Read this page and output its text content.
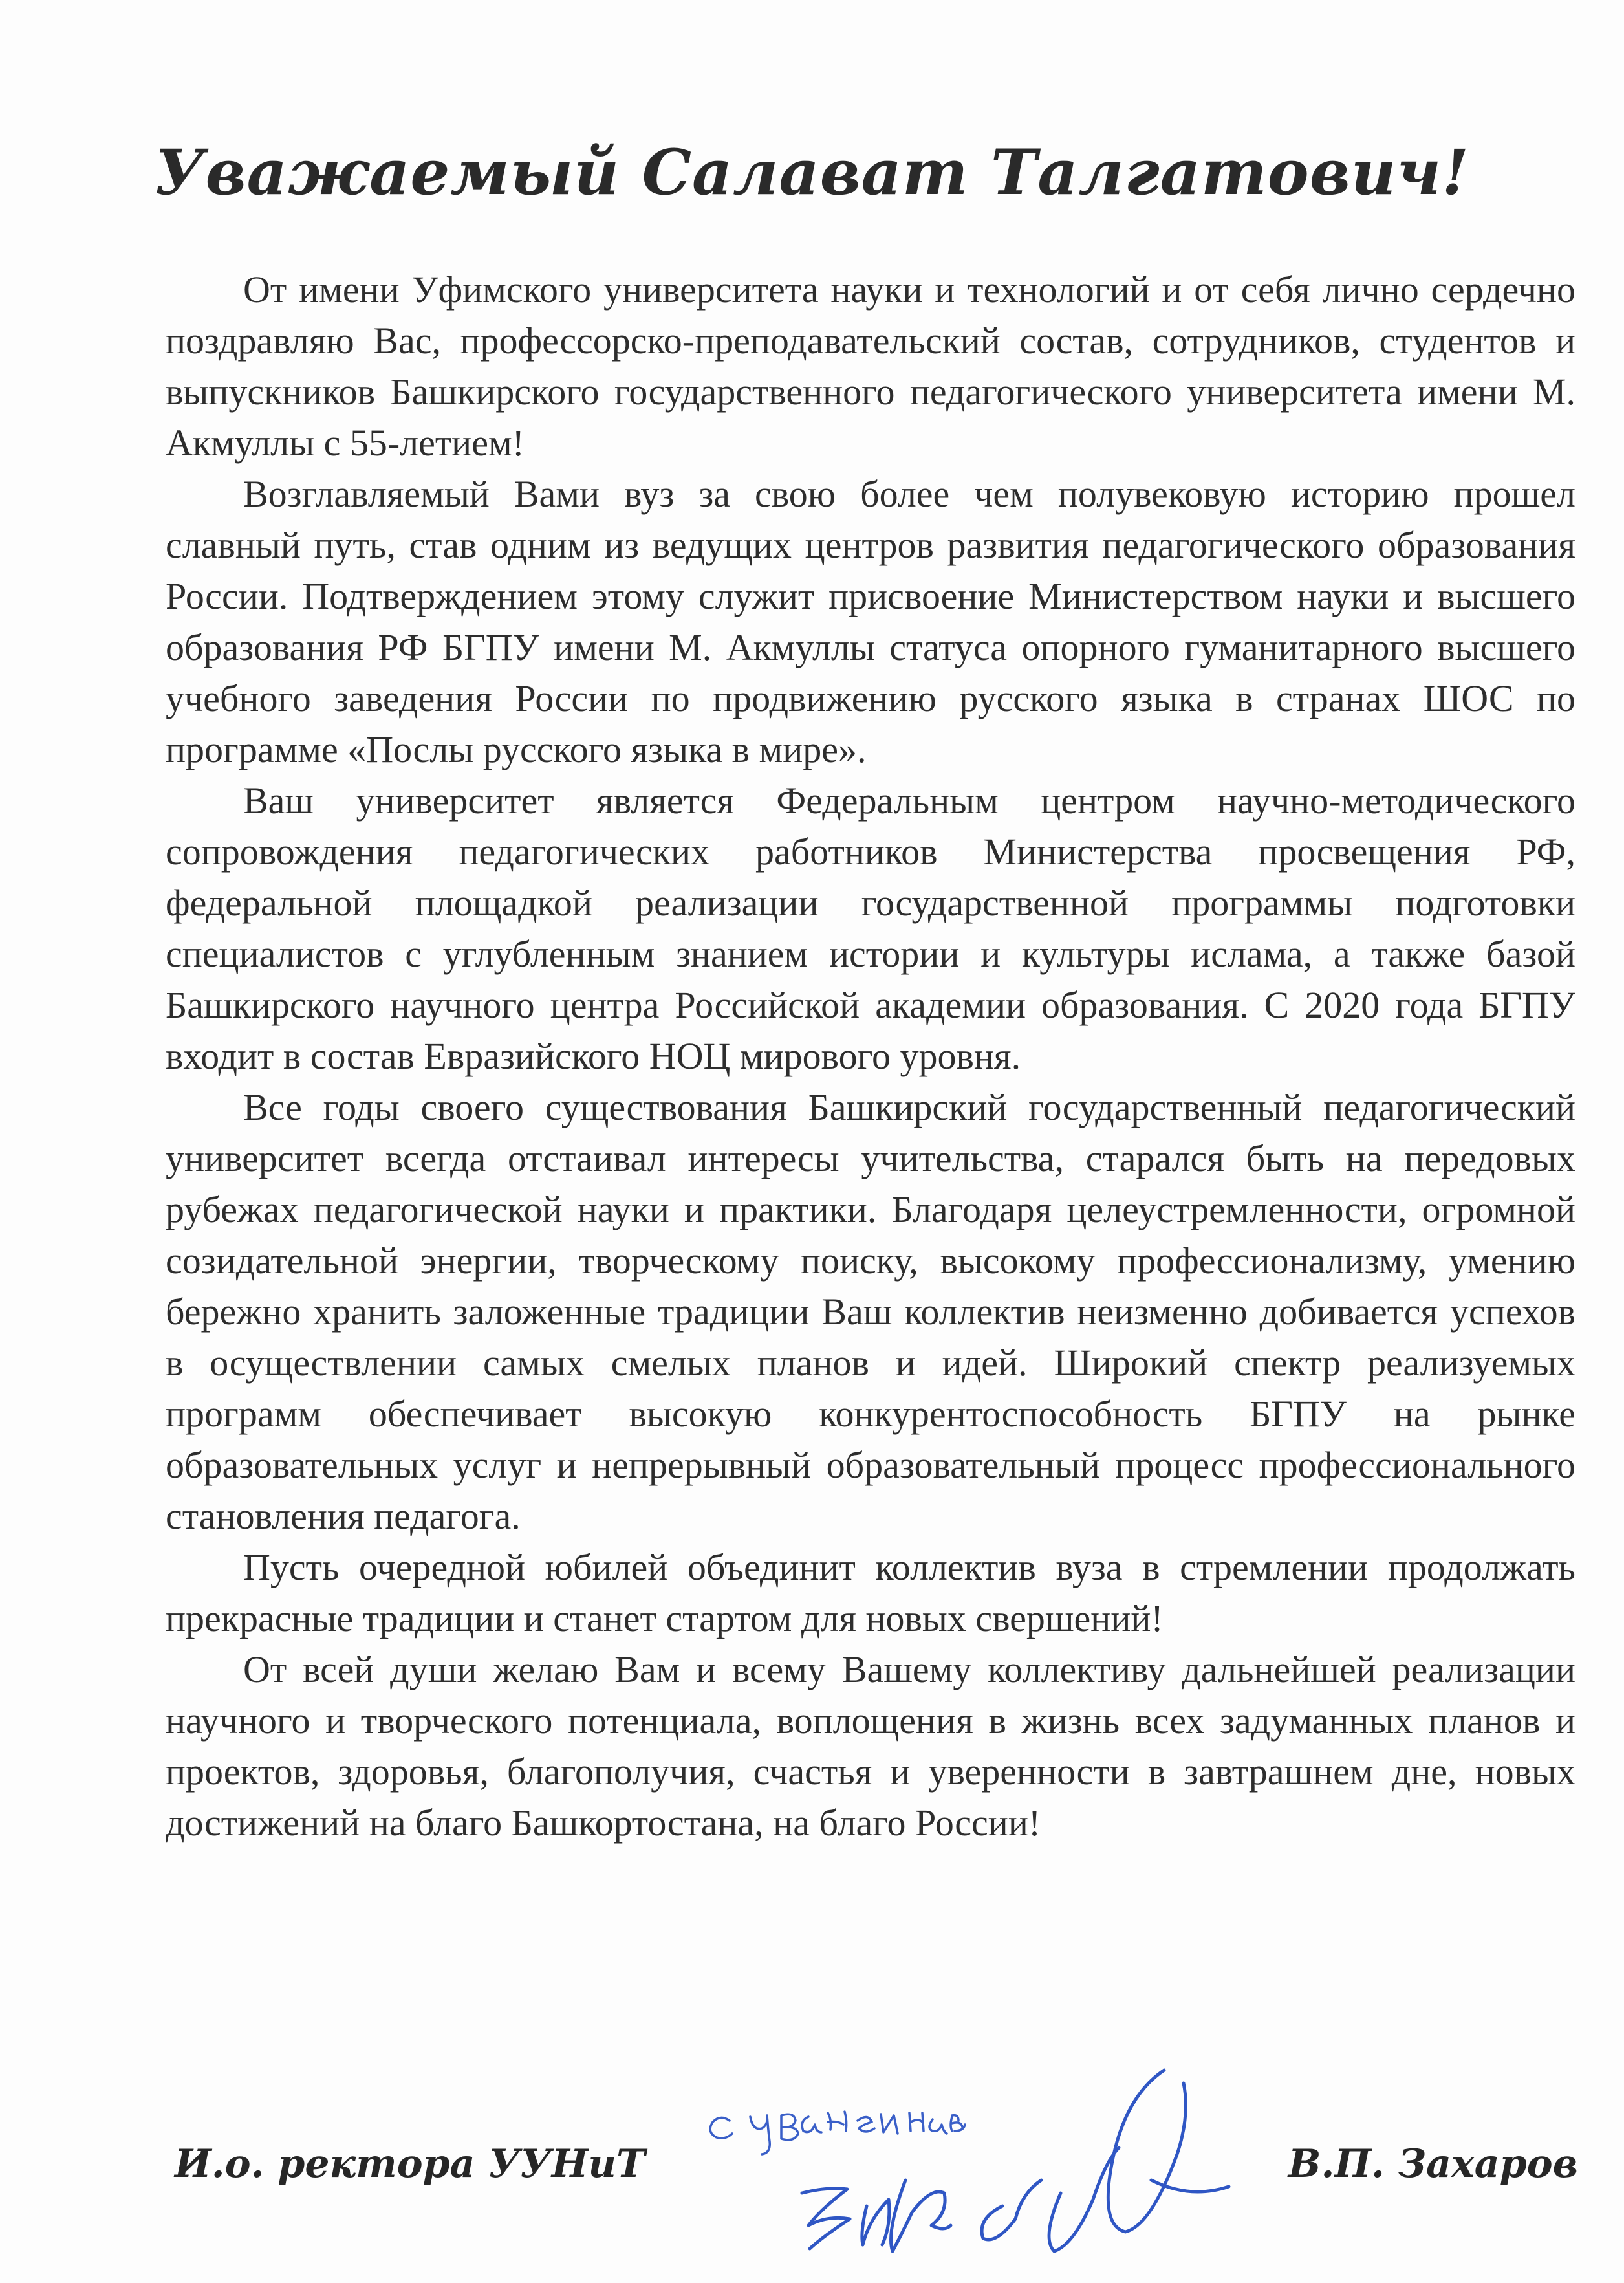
Уважаемый Салават Талгатович!

От имени Уфимского университета науки и технологий и от себя лично сердечно поздравляю Вас, профессорско-преподавательский состав, сотрудников, студентов и выпускников Башкирского государственного педагогического университета имени М. Акмуллы с 55-летием!

Возглавляемый Вами вуз за свою более чем полувековую историю прошел славный путь, став одним из ведущих центров развития педагогического образования России. Подтверждением этому служит присвоение Министерством науки и высшего образования РФ БГПУ имени М. Акмуллы статуса опорного гуманитарного высшего учебного заведения России по продвижению русского языка в странах ШОС по программе «Послы русского языка в мире».

Ваш университет является Федеральным центром научно-методического сопровождения педагогических работников Министерства просвещения РФ, федеральной площадкой реализации государственной программы подготовки специалистов с углубленным знанием истории и культуры ислама, а также базой Башкирского научного центра Российской академии образования. С 2020 года БГПУ входит в состав Евразийского НОЦ мирового уровня.

Все годы своего существования Башкирский государственный педагогический университет всегда отстаивал интересы учительства, старался быть на передовых рубежах педагогической науки и практики. Благодаря целеустремленности, огромной созидательной энергии, творческому поиску, высокому профессионализму, умению бережно хранить заложенные традиции Ваш коллектив неизменно добивается успехов в осуществлении самых смелых планов и идей. Широкий спектр реализуемых программ обеспечивает высокую конкурентоспособность БГПУ на рынке образовательных услуг и непрерывный образовательный процесс профессионального становления педагога.

Пусть очередной юбилей объединит коллектив вуза в стремлении продолжать прекрасные традиции и станет стартом для новых свершений!

От всей души желаю Вам и всему Вашему коллективу дальнейшей реализации научного и творческого потенциала, воплощения в жизнь всех задуманных планов и проектов, здоровья, благополучия, счастья и уверенности в завтрашнем дне, новых достижений на благо Башкортостана, на благо России!

И.о. ректора УУНиТ	В.П. Захаров
